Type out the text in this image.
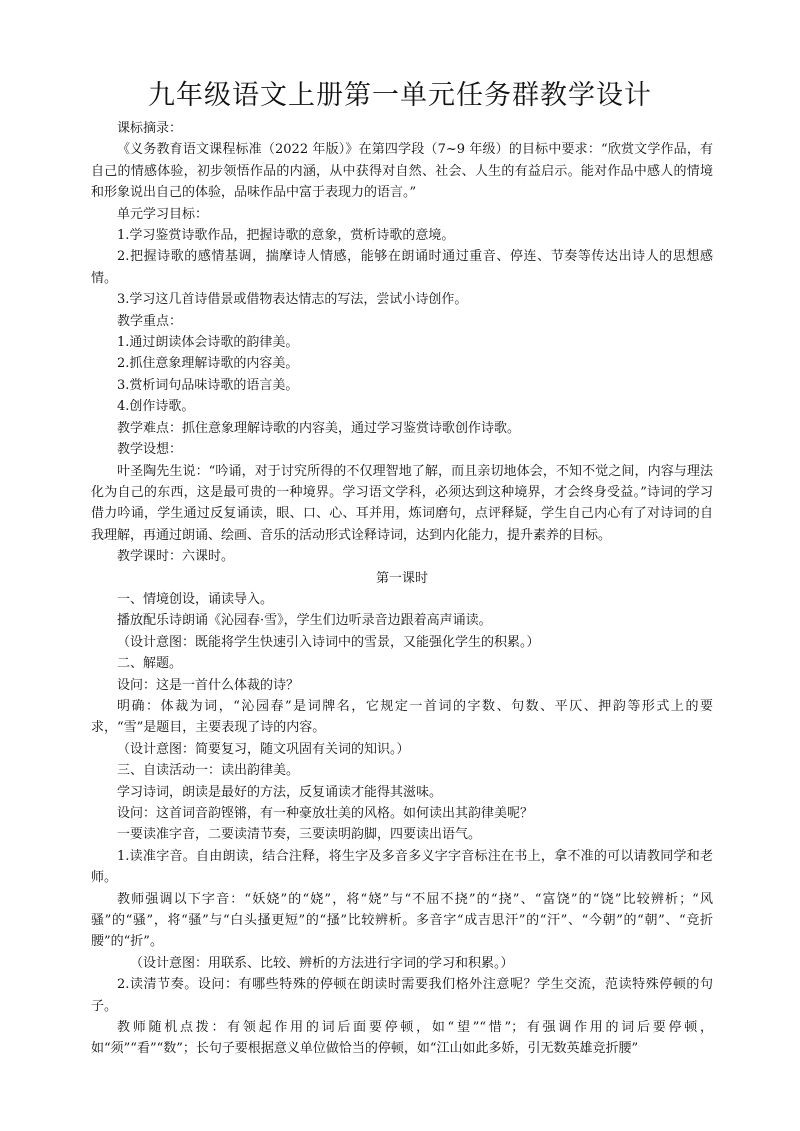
九年级语文上册第一单元任务群教学设计

课标摘录：

《义务教育语文课程标准（2022 年版）》在第四学段（7~9 年级）的目标中要求：“欣赏文学作品，有自己的情感体验，初步领悟作品的内涵，从中获得对自然、社会、人生的有益启示。能对作品中感人的情境和形象说出自己的体验，品味作品中富于表现力的语言。”

单元学习目标：

1.学习鉴赏诗歌作品，把握诗歌的意象，赏析诗歌的意境。

2.把握诗歌的感情基调，揣摩诗人情感，能够在朗诵时通过重音、停连、节奏等传达出诗人的思想感情。

3.学习这几首诗借景或借物表达情志的写法，尝试小诗创作。

教学重点：

1.通过朗读体会诗歌的韵律美。

2.抓住意象理解诗歌的内容美。

3.赏析词句品味诗歌的语言美。

4.创作诗歌。

教学难点：抓住意象理解诗歌的内容美，通过学习鉴赏诗歌创作诗歌。

教学设想：

叶圣陶先生说：“吟诵，对于讨究所得的不仅理智地了解，而且亲切地体会，不知不觉之间，内容与理法化为自己的东西，这是最可贵的一种境界。学习语文学科，必须达到这种境界，才会终身受益。”诗词的学习借力吟诵，学生通过反复诵读，眼、口、心、耳并用，炼词磨句，点评释疑，学生自己内心有了对诗词的自我理解，再通过朗诵、绘画、音乐的活动形式诠释诗词，达到内化能力，提升素养的目标。

教学课时：六课时。

第一课时

一、情境创设，诵读导入。

播放配乐诗朗诵《沁园春·雪》，学生们边听录音边跟着高声诵读。

（设计意图：既能将学生快速引入诗词中的雪景，又能强化学生的积累。）

二、解题。

设问：这是一首什么体裁的诗？

明确：体裁为词，“沁园春”是词牌名，它规定一首词的字数、句数、平仄、押韵等形式上的要求，“雪”是题目，主要表现了诗的内容。

（设计意图：简要复习，随文巩固有关词的知识。）

三、自读活动一：读出韵律美。

学习诗词，朗读是最好的方法，反复诵读才能得其滋味。

设问：这首词音韵铿锵，有一种豪放壮美的风格。如何读出其韵律美呢？

一要读准字音，二要读清节奏，三要读明韵脚，四要读出语气。

1.读准字音。自由朗读，结合注释，将生字及多音多义字字音标注在书上，拿不准的可以请教同学和老师。

教师强调以下字音：“妖娆”的“娆”，将“娆”与“不屈不挠”的“挠”、“富饶”的“饶”比较辨析；“风骚”的“骚”，将“骚”与“白头搔更短”的“搔”比较辨析。多音字“成吉思汗”的“汗”、“今朝”的“朝”、“竞折腰”的“折”。

（设计意图：用联系、比较、辨析的方法进行字词的学习和积累。）

2.读清节奏。设问：有哪些特殊的停顿在朗读时需要我们格外注意呢？学生交流，范读特殊停顿的句子。

教师随机点拨：有领起作用的词后面要停顿，如“望”“惜”；有强调作用的词后要停顿，如“须”“看”“数”；长句子要根据意义单位做恰当的停顿，如“江山如此多娇，引无数英雄竞折腰”
